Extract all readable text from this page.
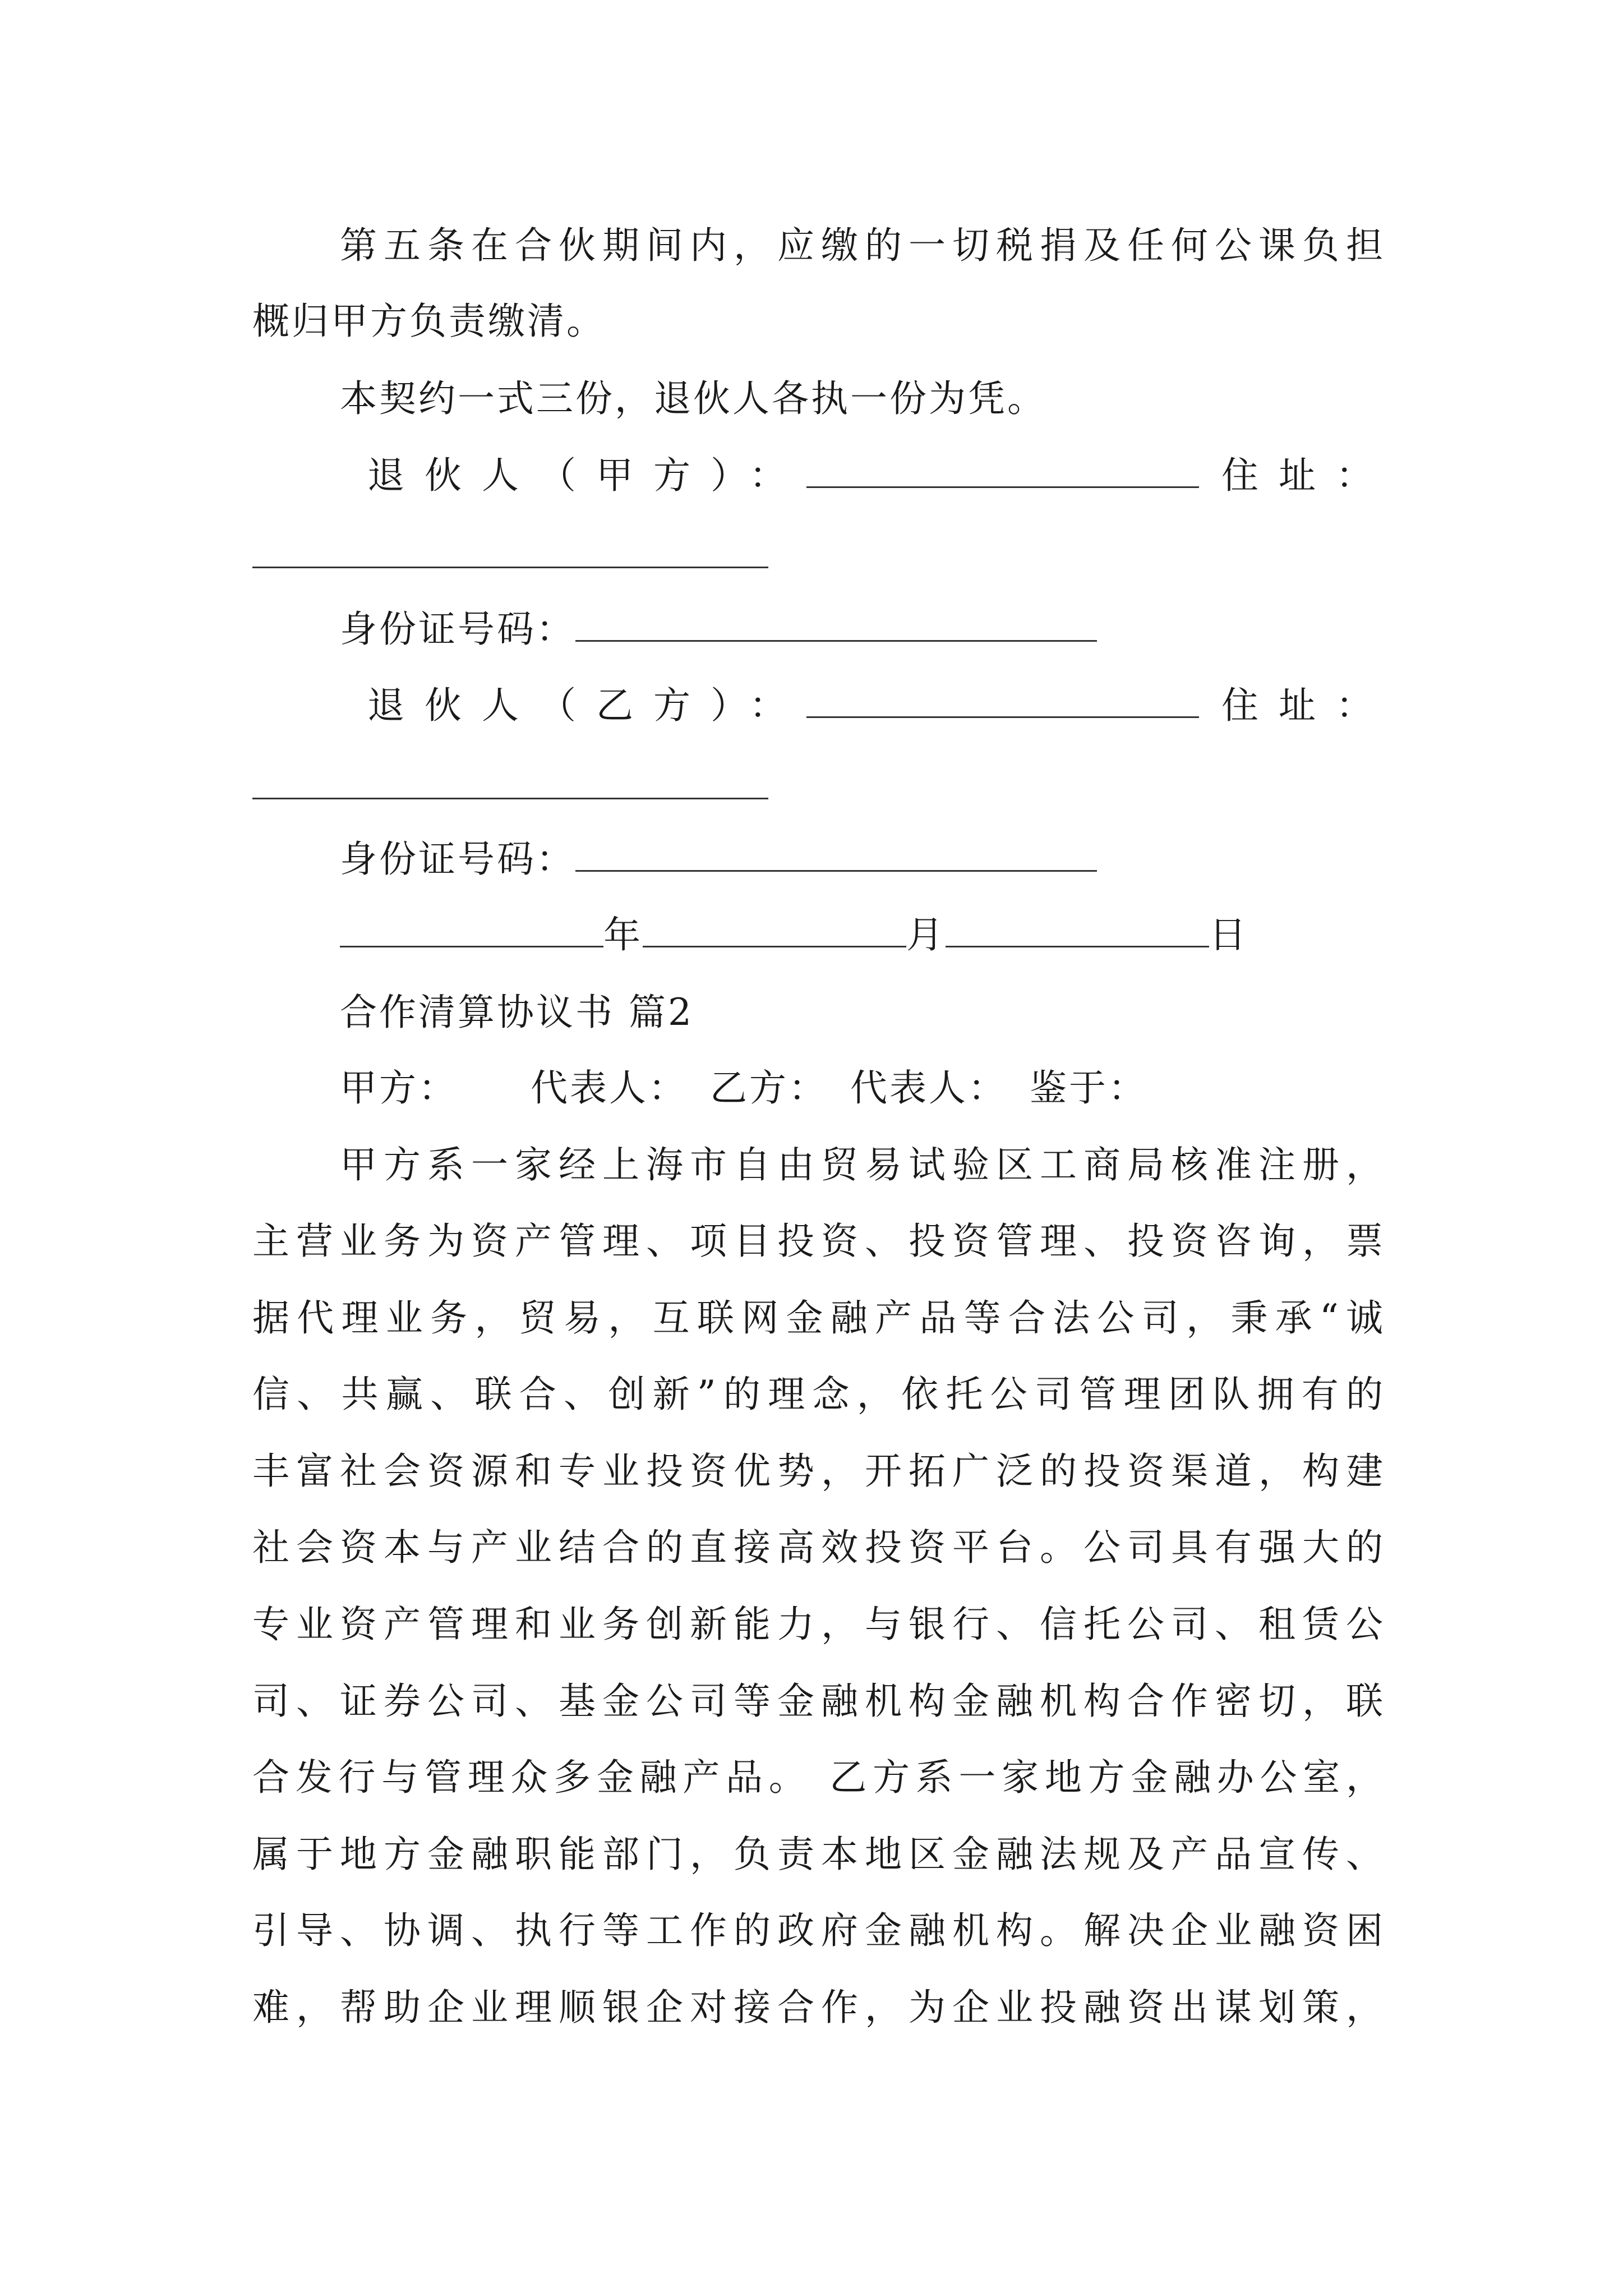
第五条在合伙期间内，应缴的一切税捐及任何公课负担
概归甲方负责缴清。
本契约一式三份，退伙人各执一份为凭。
退伙人（甲方）：	住址：
身份证号码：
退伙人（乙方）：	住址：
身份证号码：
年	月	日
合作清算协议书 篇2
甲方： 代表人： 乙方： 代表人： 鉴于：
甲方系一家经上海市自由贸易试验区工商局核准注册，
主营业务为资产管理、项目投资、投资管理、投资咨询，票
据代理业务，贸易，互联网金融产品等合法公司，秉承“诚
信、共赢、联合、创新”的理念，依托公司管理团队拥有的
丰富社会资源和专业投资优势，开拓广泛的投资渠道，构建
社会资本与产业结合的直接高效投资平台。公司具有强大的
专业资产管理和业务创新能力，与银行、信托公司、租赁公
司、证券公司、基金公司等金融机构金融机构合作密切，联
合发行与管理众多金融产品。 乙方系一家地方金融办公室，
属于地方金融职能部门，负责本地区金融法规及产品宣传、
引导、协调、执行等工作的政府金融机构。解决企业融资困
难，帮助企业理顺银企对接合作，为企业投融资出谋划策，
